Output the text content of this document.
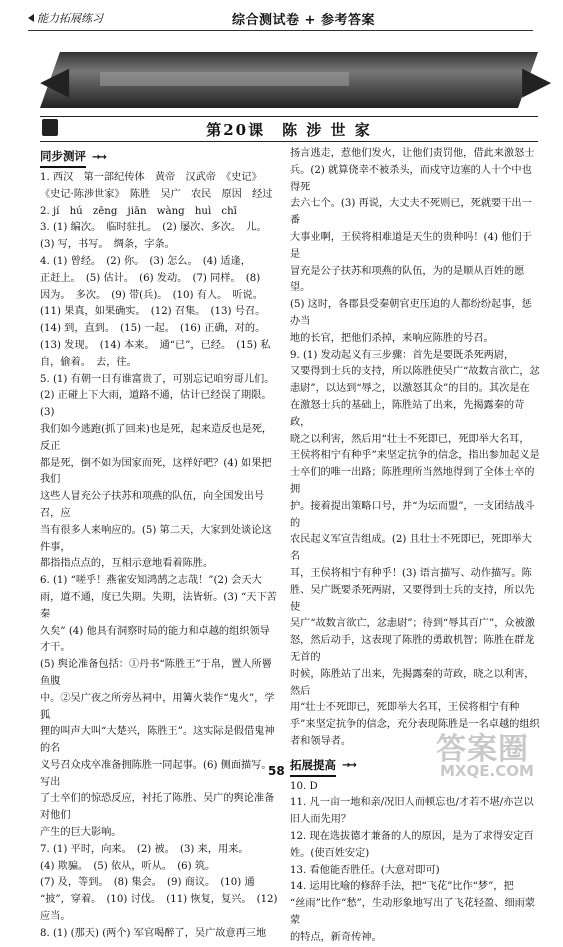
能力拓展练习	综合测试卷 + 参考答案
◀	▶
第20课　陈 涉 世 家
同步测评 →→
1. 西汉　第一部纪传体　黄帝　汉武帝　《史记》
《史记·陈涉世家》　陈胜　吴广　农民　原因　经过
2. jí　hú　zēng　jiān　wàng　huì　chī
3. (1) 编次。　临时驻扎。　(2) 屡次、多次。　儿。
(3) 写，书写。　绸条，字条。
4. (1) 曾经。　(2) 你。　(3) 怎么。　(4) 适逢，
正赶上。　(5) 估计。　(6) 发动。　(7) 同样。　(8)
因为。　多次。　(9) 带(兵)。　(10) 有人。　听说。
(11) 果真，如果确实。　(12) 召集。　(13) 号召。
(14) 到，直到。　(15) 一起。　(16) 正确，对的。
(13) 发现。　(14) 本来。　通“已”，已经。　(15) 私
自，偷着。　去，往。
5. (1) 有朝一日有谁富贵了，可别忘记咱穷哥儿们。
(2) 正碰上下大雨，道路不通，估计已经误了期限。(3)
我们如今逃跑(抓了回来)也是死，起来造反也是死，反正
都是死，倒不如为国家而死，这样好吧？(4) 如果把我们
这些人冒充公子扶苏和项燕的队伍，向全国发出号召，应
当有很多人来响应的。(5) 第二天，大家到处谈论这件事，
都指指点点的，互相示意地看着陈胜。
6. (1) “嗟乎！燕雀安知鸿鹄之志哉！”(2) 会天大
雨，道不通，度已失期。失期，法皆斩。(3) “天下苦秦
久矣” (4) 他具有洞察时局的能力和卓越的组织领导才干。
(5) 舆论准备包括：①丹书“陈胜王”于帛，置人所罾鱼腹
中。②吴广夜之所旁丛祠中，用篝火装作“鬼火”，学狐
狸的叫声大叫“大楚兴，陈胜王”。这实际是假借鬼神的名
义号召众戍卒准备拥陈胜一同起事。(6) 侧面描写。写出
了士卒们的惊恐反应，衬托了陈胜、吴广的舆论准备对他们
产生的巨大影响。
7. (1) 平时，向来。　(2) 被。　(3) 来，用来。
(4) 欺骗。　(5) 依从，听从。　(6) 筑。
(7) 及，等到。　(8) 集会。　(9) 商议。　(10) 通
“披”，穿着。　(10) 讨伐。　(11) 恢复，复兴。　(12)
应当。
8. (1) (那天) (两个) 军官喝醉了，吴广故意再三地
扬言逃走，惹他们发火，让他们责罚他，借此来激怒士
兵。(2) 就算侥幸不被杀头，而戍守边塞的人十个中也得死
去六七个。(3) 再说，大丈夫不死则已，死就要干出一番
大事业啊，王侯将相难道是天生的贵种吗！(4) 他们于是
冒充是公子扶苏和项燕的队伍，为的是顺从百姓的愿望。
(5) 这时，各郡县受秦朝官吏压迫的人都纷纷起事，惩办当
地的长官，把他们杀掉，来响应陈胜的号召。
9. (1) 发动起义有三步骤：首先是要既杀死两尉，
又要得到士兵的支持，所以陈胜使吴广“故数言欲亡，忿
恚尉”，以达到“辱之，以激怒其众”的目的。其次是在
在激怒士兵的基础上，陈胜站了出来，先揭露秦的苛政，
晓之以利害，然后用“壮士不死即已，死即举大名耳，
王侯将相宁有种乎”来坚定抗争的信念，指出参加起义是
士卒们的唯一出路；陈胜理所当然地得到了全体士卒的拥
护。接着提出策略口号，并“为坛而盟”，一支团结战斗的
农民起义军宣告组成。(2) 且壮士不死即已，死即举大名
耳，王侯将相宁有种乎！(3) 语言描写、动作描写。陈
胜、吴广既要杀死两尉，又要得到士兵的支持，所以先使
吴广“故数言欲亡，忿恚尉”；待到“辱其百广”，众被激
怒，然后动手，这表现了陈胜的勇敢机智；陈胜在群龙无首的
时候，陈胜站了出来，先揭露秦的苛政，晓之以利害，然后
用“壮士不死即已，死即举大名耳，王侯将相宁有种
乎”来坚定抗争的信念，充分表现陈胜是一名卓越的组织
者和领导者。
拓展提高 →→
10. D
11. 凡一亩一地和亲/况旧人而顿忘也/才若不堪/亦岂以
旧人而先用？
12. 现在选拔德才兼备的人的原因，是为了求得安定百
姓。(使百姓安定)
13. 看他能否胜任。(大意对即可)
14. 运用比喻的修辞手法，把“飞花”比作“梦”，把
“丝雨”比作“愁”，生动形象地写出了飞花轻盈、细雨蒙蒙
的特点，新奇传神。
58
答案圈
MXQE.COM
